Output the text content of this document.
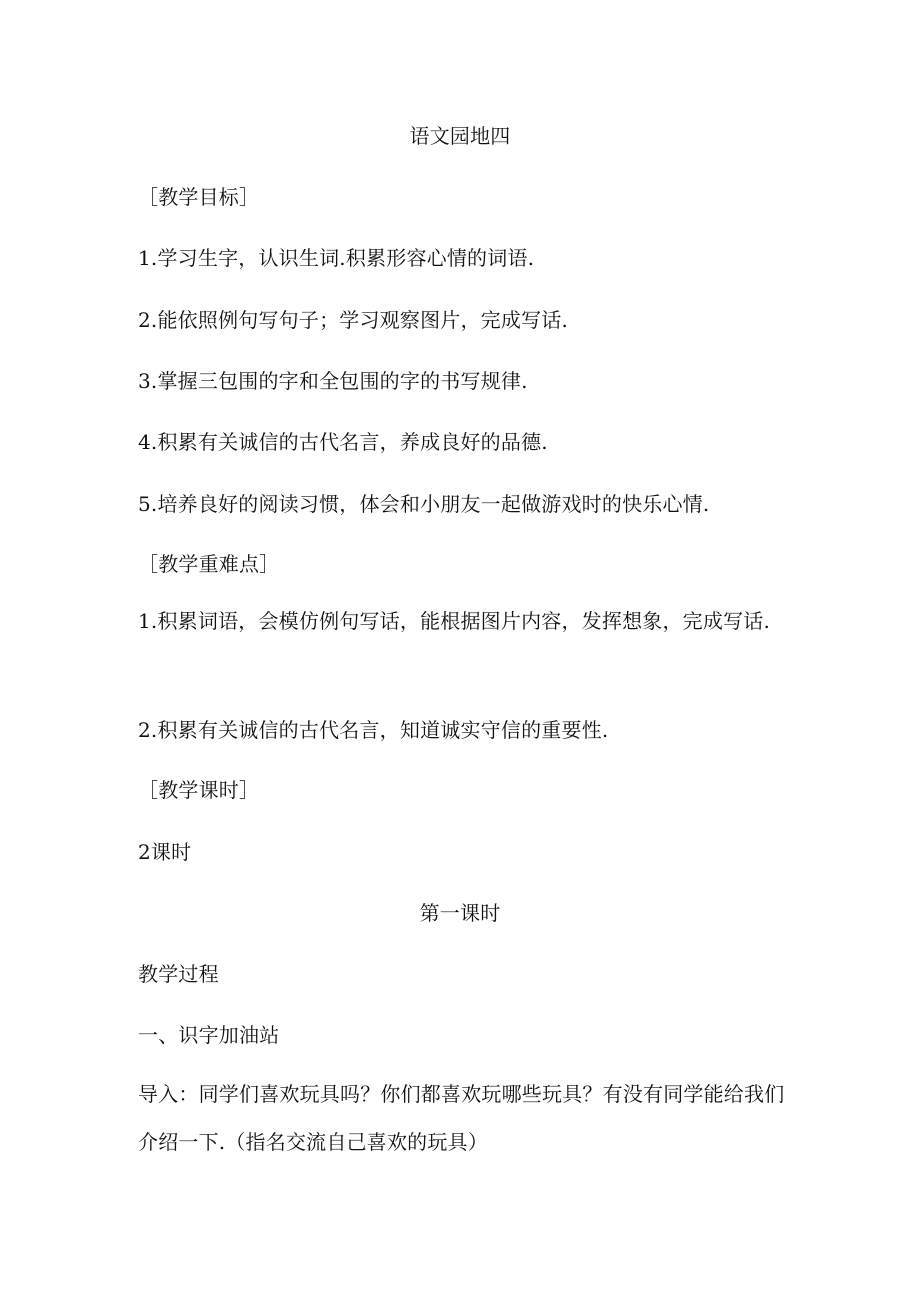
语文园地四
［教学目标］
1.学习生字，认识生词.积累形容心情的词语.
2.能依照例句写句子；学习观察图片，完成写话.
3.掌握三包围的字和全包围的字的书写规律.
4.积累有关诚信的古代名言，养成良好的品德.
5.培养良好的阅读习惯，体会和小朋友一起做游戏时的快乐心情.
［教学重难点］
1.积累词语，会模仿例句写话，能根据图片内容，发挥想象，完成写话.
2.积累有关诚信的古代名言，知道诚实守信的重要性.
［教学课时］
2课时
第一课时
教学过程
一、识字加油站
导入：同学们喜欢玩具吗？你们都喜欢玩哪些玩具？有没有同学能给我们介绍一下.（指名交流自己喜欢的玩具）
